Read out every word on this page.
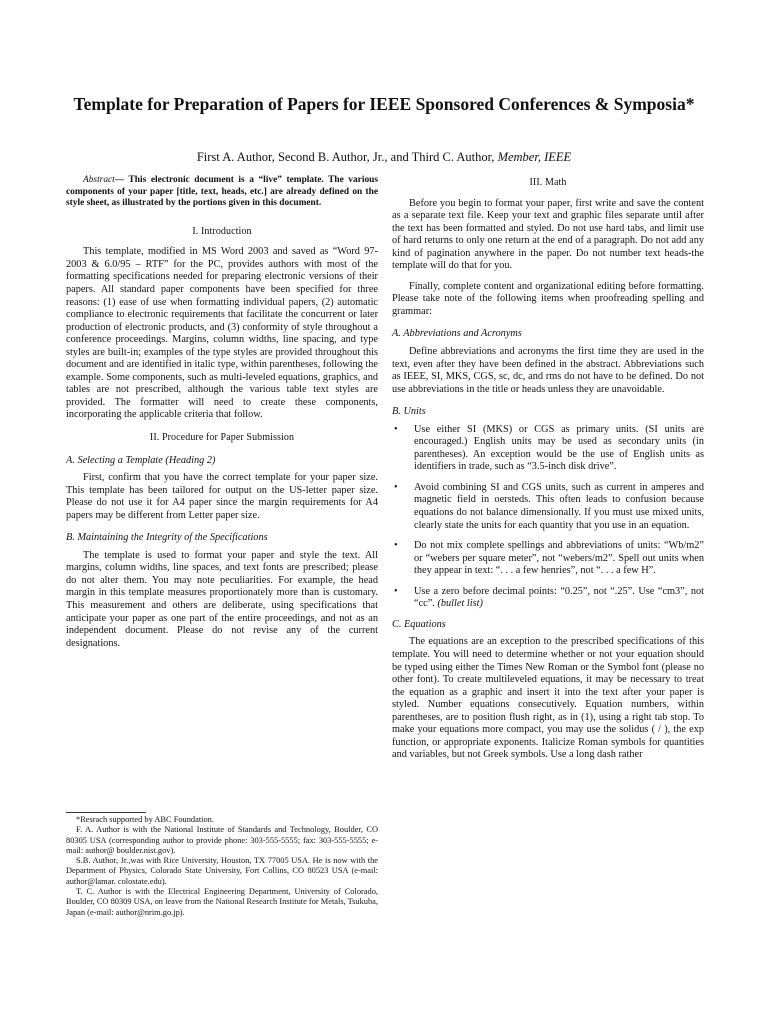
Template for Preparation of Papers for IEEE Sponsored Conferences & Symposia*
First A. Author, Second B. Author, Jr., and Third C. Author, Member, IEEE

Abstract— This electronic document is a “live” template. The various components of your paper [title, text, heads, etc.] are already defined on the style sheet, as illustrated by the portions given in this document.

I. Introduction

This template, modified in MS Word 2003 and saved as “Word 97-2003 & 6.0/95 – RTF” for the PC, provides authors with most of the formatting specifications needed for preparing electronic versions of their papers. All standard paper components have been specified for three reasons: (1) ease of use when formatting individual papers, (2) automatic compliance to electronic requirements that facilitate the concurrent or later production of electronic products, and (3) conformity of style throughout a conference proceedings. Margins, column widths, line spacing, and type styles are built-in; examples of the type styles are provided throughout this document and are identified in italic type, within parentheses, following the example. Some components, such as multi-leveled equations, graphics, and tables are not prescribed, although the various table text styles are provided. The formatter will need to create these components, incorporating the applicable criteria that follow.

II. Procedure for Paper Submission
A. Selecting a Template (Heading 2)

First, confirm that you have the correct template for your paper size. This template has been tailored for output on the US-letter paper size. Please do not use it for A4 paper since the margin requirements for A4 papers may be different from Letter paper size.

B. Maintaining the Integrity of the Specifications

The template is used to format your paper and style the text. All margins, column widths, line spaces, and text fonts are prescribed; please do not alter them. You may note peculiarities. For example, the head margin in this template measures proportionately more than is customary. This measurement and others are deliberate, using specifications that anticipate your paper as one part of the entire proceedings, and not as an independent document. Please do not revise any of the current designations.

*Resrach supported by ABC Foundation.

F. A. Author is with the National Institute of Standards and Technology, Boulder, CO 80305 USA (corresponding author to provide phone: 303-555-5555; fax: 303-555-5555; e-mail: author@ boulder.nist.gov).

S.B. Author, Jr.,was with Rice University, Houston, TX 77005 USA. He is now with the Department of Physics, Colorado State University, Fort Collins, CO 80523 USA (e-mail: author@lamar. colostate.edu).

T. C. Author is with the Electrical Engineering Department, University of Colorado, Boulder, CO 80309 USA, on leave from the National Research Institute for Metals, Tsukuba, Japan (e-mail: author@nrim.go.jp).

III. Math

Before you begin to format your paper, first write and save the content as a separate text file. Keep your text and graphic files separate until after the text has been formatted and styled. Do not use hard tabs, and limit use of hard returns to only one return at the end of a paragraph. Do not add any kind of pagination anywhere in the paper. Do not number text heads-the template will do that for you.

Finally, complete content and organizational editing before formatting. Please take note of the following items when proofreading spelling and grammar:

A. Abbreviations and Acronyms

Define abbreviations and acronyms the first time they are used in the text, even after they have been defined in the abstract. Abbreviations such as IEEE, SI, MKS, CGS, sc, dc, and rms do not have to be defined. Do not use abbreviations in the title or heads unless they are unavoidable.

B. Units
• Use either SI (MKS) or CGS as primary units. (SI units are encouraged.) English units may be used as secondary units (in parentheses). An exception would be the use of English units as identifiers in trade, such as “3.5-inch disk drive”.
• Avoid combining SI and CGS units, such as current in amperes and magnetic field in oersteds. This often leads to confusion because equations do not balance dimensionally. If you must use mixed units, clearly state the units for each quantity that you use in an equation.
• Do not mix complete spellings and abbreviations of units: “Wb/m2” or “webers per square meter”, not “webers/m2”. Spell out units when they appear in text: “. . . a few henries”, not “. . . a few H”.
• Use a zero before decimal points: “0.25”, not “.25”. Use “cm3”, not “cc”. (bullet list)
C. Equations

The equations are an exception to the prescribed specifications of this template. You will need to determine whether or not your equation should be typed using either the Times New Roman or the Symbol font (please no other font). To create multileveled equations, it may be necessary to treat the equation as a graphic and insert it into the text after your paper is styled. Number equations consecutively. Equation numbers, within parentheses, are to position flush right, as in (1), using a right tab stop. To make your equations more compact, you may use the solidus ( / ), the exp function, or appropriate exponents. Italicize Roman symbols for quantities and variables, but not Greek symbols. Use a long dash rather
